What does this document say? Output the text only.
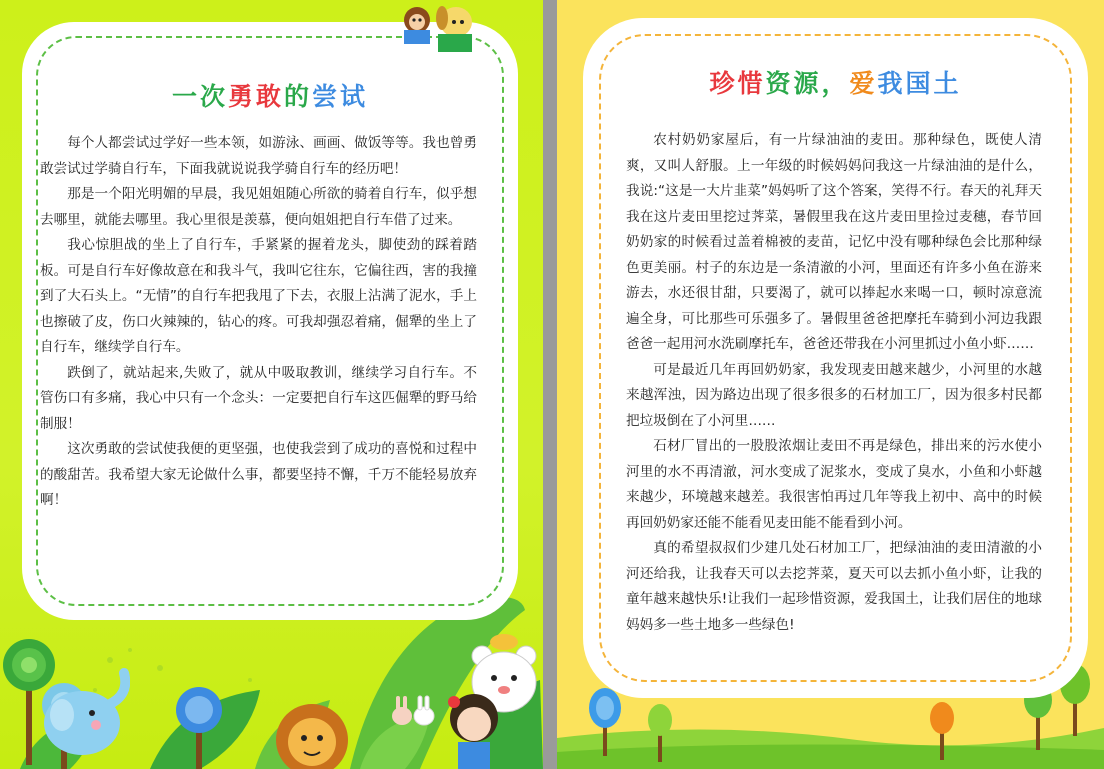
一次勇敢的尝试

每个人都尝试过学好一些本领，如游泳、画画、做饭等等。我也曾勇敢尝试过学骑自行车，下面我就说说我学骑自行车的经历吧！

那是一个阳光明媚的早晨，我见姐姐随心所欲的骑着自行车，似乎想去哪里，就能去哪里。我心里很是羡慕，便向姐姐把自行车借了过来。

我心惊胆战的坐上了自行车，手紧紧的握着龙头，脚使劲的踩着踏板。可是自行车好像故意在和我斗气，我叫它往东，它偏往西，害的我撞到了大石头上。“无情”的自行车把我甩了下去，衣服上沾满了泥水，手上也擦破了皮，伤口火辣辣的，钻心的疼。可我却强忍着痛，倔犟的坐上了自行车，继续学自行车。

跌倒了，就站起来,失败了，就从中吸取教训，继续学习自行车。不管伤口有多痛，我心中只有一个念头：一定要把自行车这匹倔犟的野马给制服！

这次勇敢的尝试使我便的更坚强，也使我尝到了成功的喜悦和过程中的酸甜苦。我希望大家无论做什么事，都要坚持不懈，千万不能轻易放弃啊！

珍惜资源，爱我国土

农村奶奶家屋后，有一片绿油油的麦田。那种绿色，既使人清爽，又叫人舒服。上一年级的时候妈妈问我这一片绿油油的是什么，我说:“这是一大片韭菜”妈妈听了这个答案，笑得不行。春天的礼拜天我在这片麦田里挖过荠菜，暑假里我在这片麦田里捡过麦穗，春节回奶奶家的时候看过盖着棉被的麦苗，记忆中没有哪种绿色会比那种绿色更美丽。村子的东边是一条清澈的小河，里面还有许多小鱼在游来游去，水还很甘甜，只要渴了，就可以捧起水来喝一口，顿时凉意流遍全身，可比那些可乐强多了。暑假里爸爸把摩托车骑到小河边我跟爸爸一起用河水洗刷摩托车，爸爸还带我在小河里抓过小鱼小虾……

可是最近几年再回奶奶家，我发现麦田越来越少，小河里的水越来越浑浊，因为路边出现了很多很多的石材加工厂，因为很多村民都把垃圾倒在了小河里……

石材厂冒出的一股股浓烟让麦田不再是绿色，排出来的污水使小河里的水不再清澈，河水变成了泥浆水，变成了臭水，小鱼和小虾越来越少，环境越来越差。我很害怕再过几年等我上初中、高中的时候再回奶奶家还能不能看见麦田能不能看到小河。

真的希望叔叔们少建几处石材加工厂，把绿油油的麦田清澈的小河还给我，让我春天可以去挖荠菜，夏天可以去抓小鱼小虾，让我的童年越来越快乐!让我们一起珍惜资源，爱我国土，让我们居住的地球妈妈多一些土地多一些绿色!
